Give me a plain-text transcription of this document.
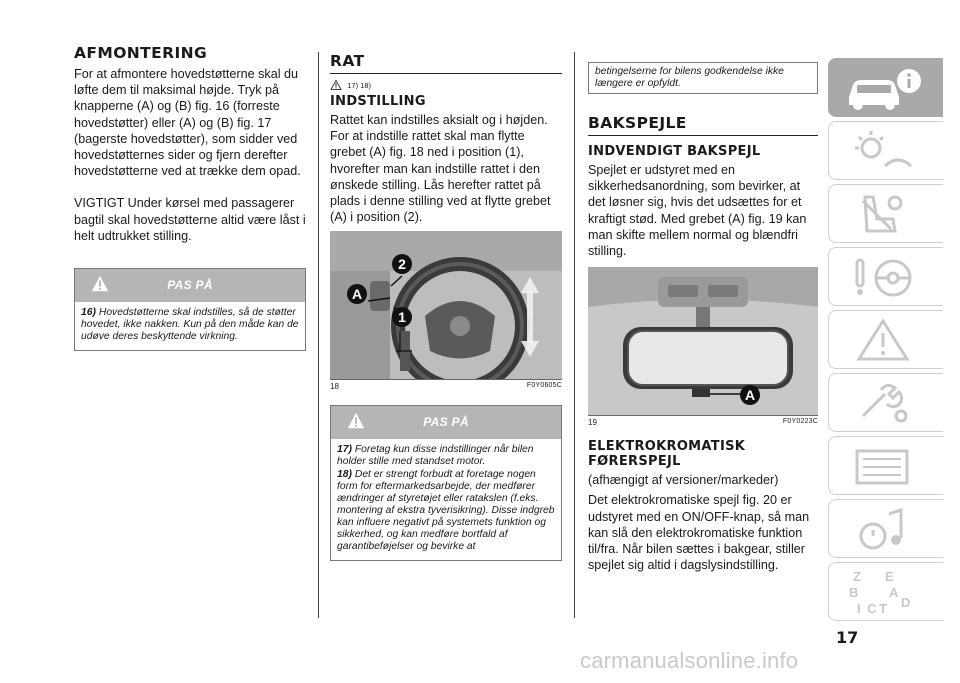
AFMONTERING

For at afmontere hovedstøtterne skal du løfte dem til maksimal højde. Tryk på knapperne (A) og (B) fig. 16 (forreste hovedstøtter) eller (A) og (B) fig. 17 (bagerste hovedstøtter), som sidder ved hovedstøtternes sider og fjern derefter hovedstøtterne ved at trække dem opad.

VIGTIGT Under kørsel med passagerer bagtil skal hovedstøtterne altid være låst i helt udtrukket stilling.

PAS PÅ
16) Hovedstøtterne skal indstilles, så de støtter hovedet, ikke nakken. Kun på den måde kan de udøve deres beskyttende virkning.
RAT
17) 18)
INDSTILLING

Rattet kan indstilles aksialt og i højden. For at indstille rattet skal man flytte grebet (A) fig. 18 ned i position (1), hvorefter man kan indstille rattet i den ønskede stilling. Lås herefter rattet på plads i denne stilling ved at flytte grebet (A) i position (2).

2
A
1
18	F0Y0605C
PAS PÅ
17) Foretag kun disse indstillinger når bilen holder stille med standset motor.
18) Det er strengt forbudt at foretage nogen form for eftermarkedsarbejde, der medfører ændringer af styretøjet eller ratakslen (f.eks. montering af ekstra tyverisikring). Disse indgreb kan influere negativt på systemets funktion og sikkerhed, og kan medføre bortfald af garantibeføjelser og bevirke at
betingelserne for bilens godkendelse ikke længere er opfyldt.
BAKSPEJLE
INDVENDIGT BAKSPEJL

Spejlet er udstyret med en sikkerhedsanordning, som bevirker, at det løsner sig, hvis det udsættes for et kraftigt stød. Med grebet (A) fig. 19 kan man skifte mellem normal og blændfri stilling.

A
19	F0Y0223C
ELEKTROKROMATISK
FØRERSPEJL

(afhængigt af versioner/markeder)

Det elektrokromatiske spejl fig. 20 er udstyret med en ON/OFF-knap, så man kan slå den elektrokromatiske funktion til/fra. Når bilen sættes i bakgear, stiller spejlet sig altid i dagslysindstilling.

Z E
B A
I C T D
17
carmanualsonline.info
